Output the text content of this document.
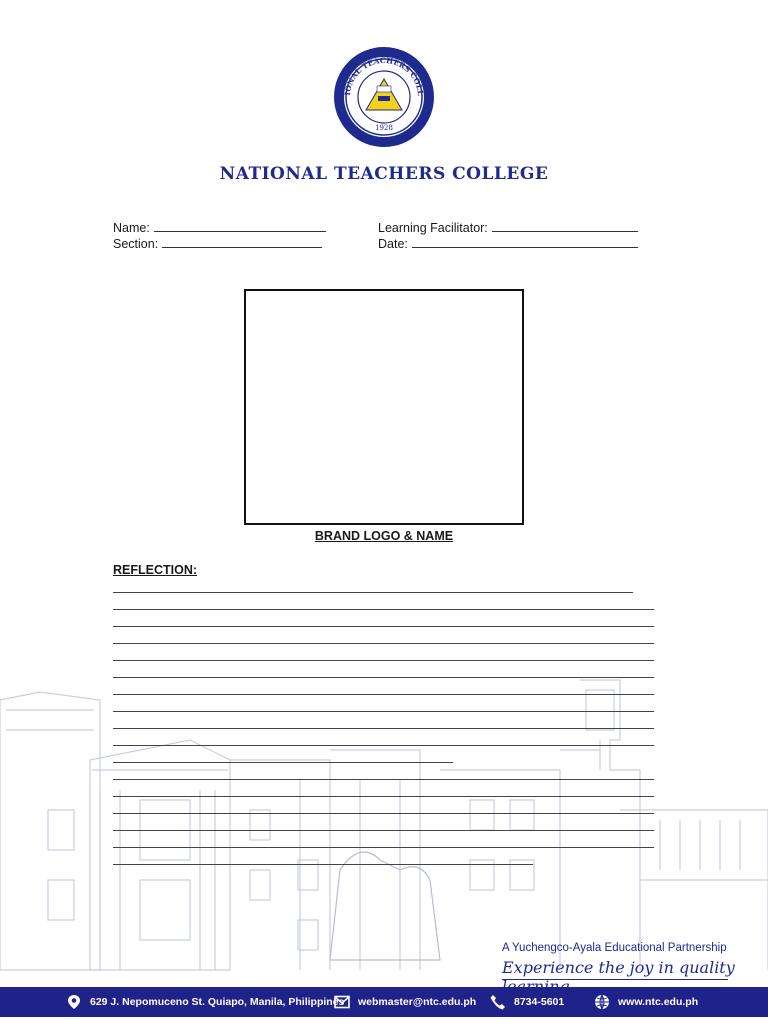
IONAL TEACHERS COLL
1928
NATIONAL TEACHERS COLLEGE
Name:
Section:
Learning Facilitator:
Date:
BRAND LOGO & NAME
REFLECTION:
A Yuchengco-Ayala Educational Partnership
Experience the joy in quality
629 J. Nepomuceno St. Quiapo, Manila, Philippines webmaster@ntc.edu.ph	8734-5601	www.ntc.edu.ph
